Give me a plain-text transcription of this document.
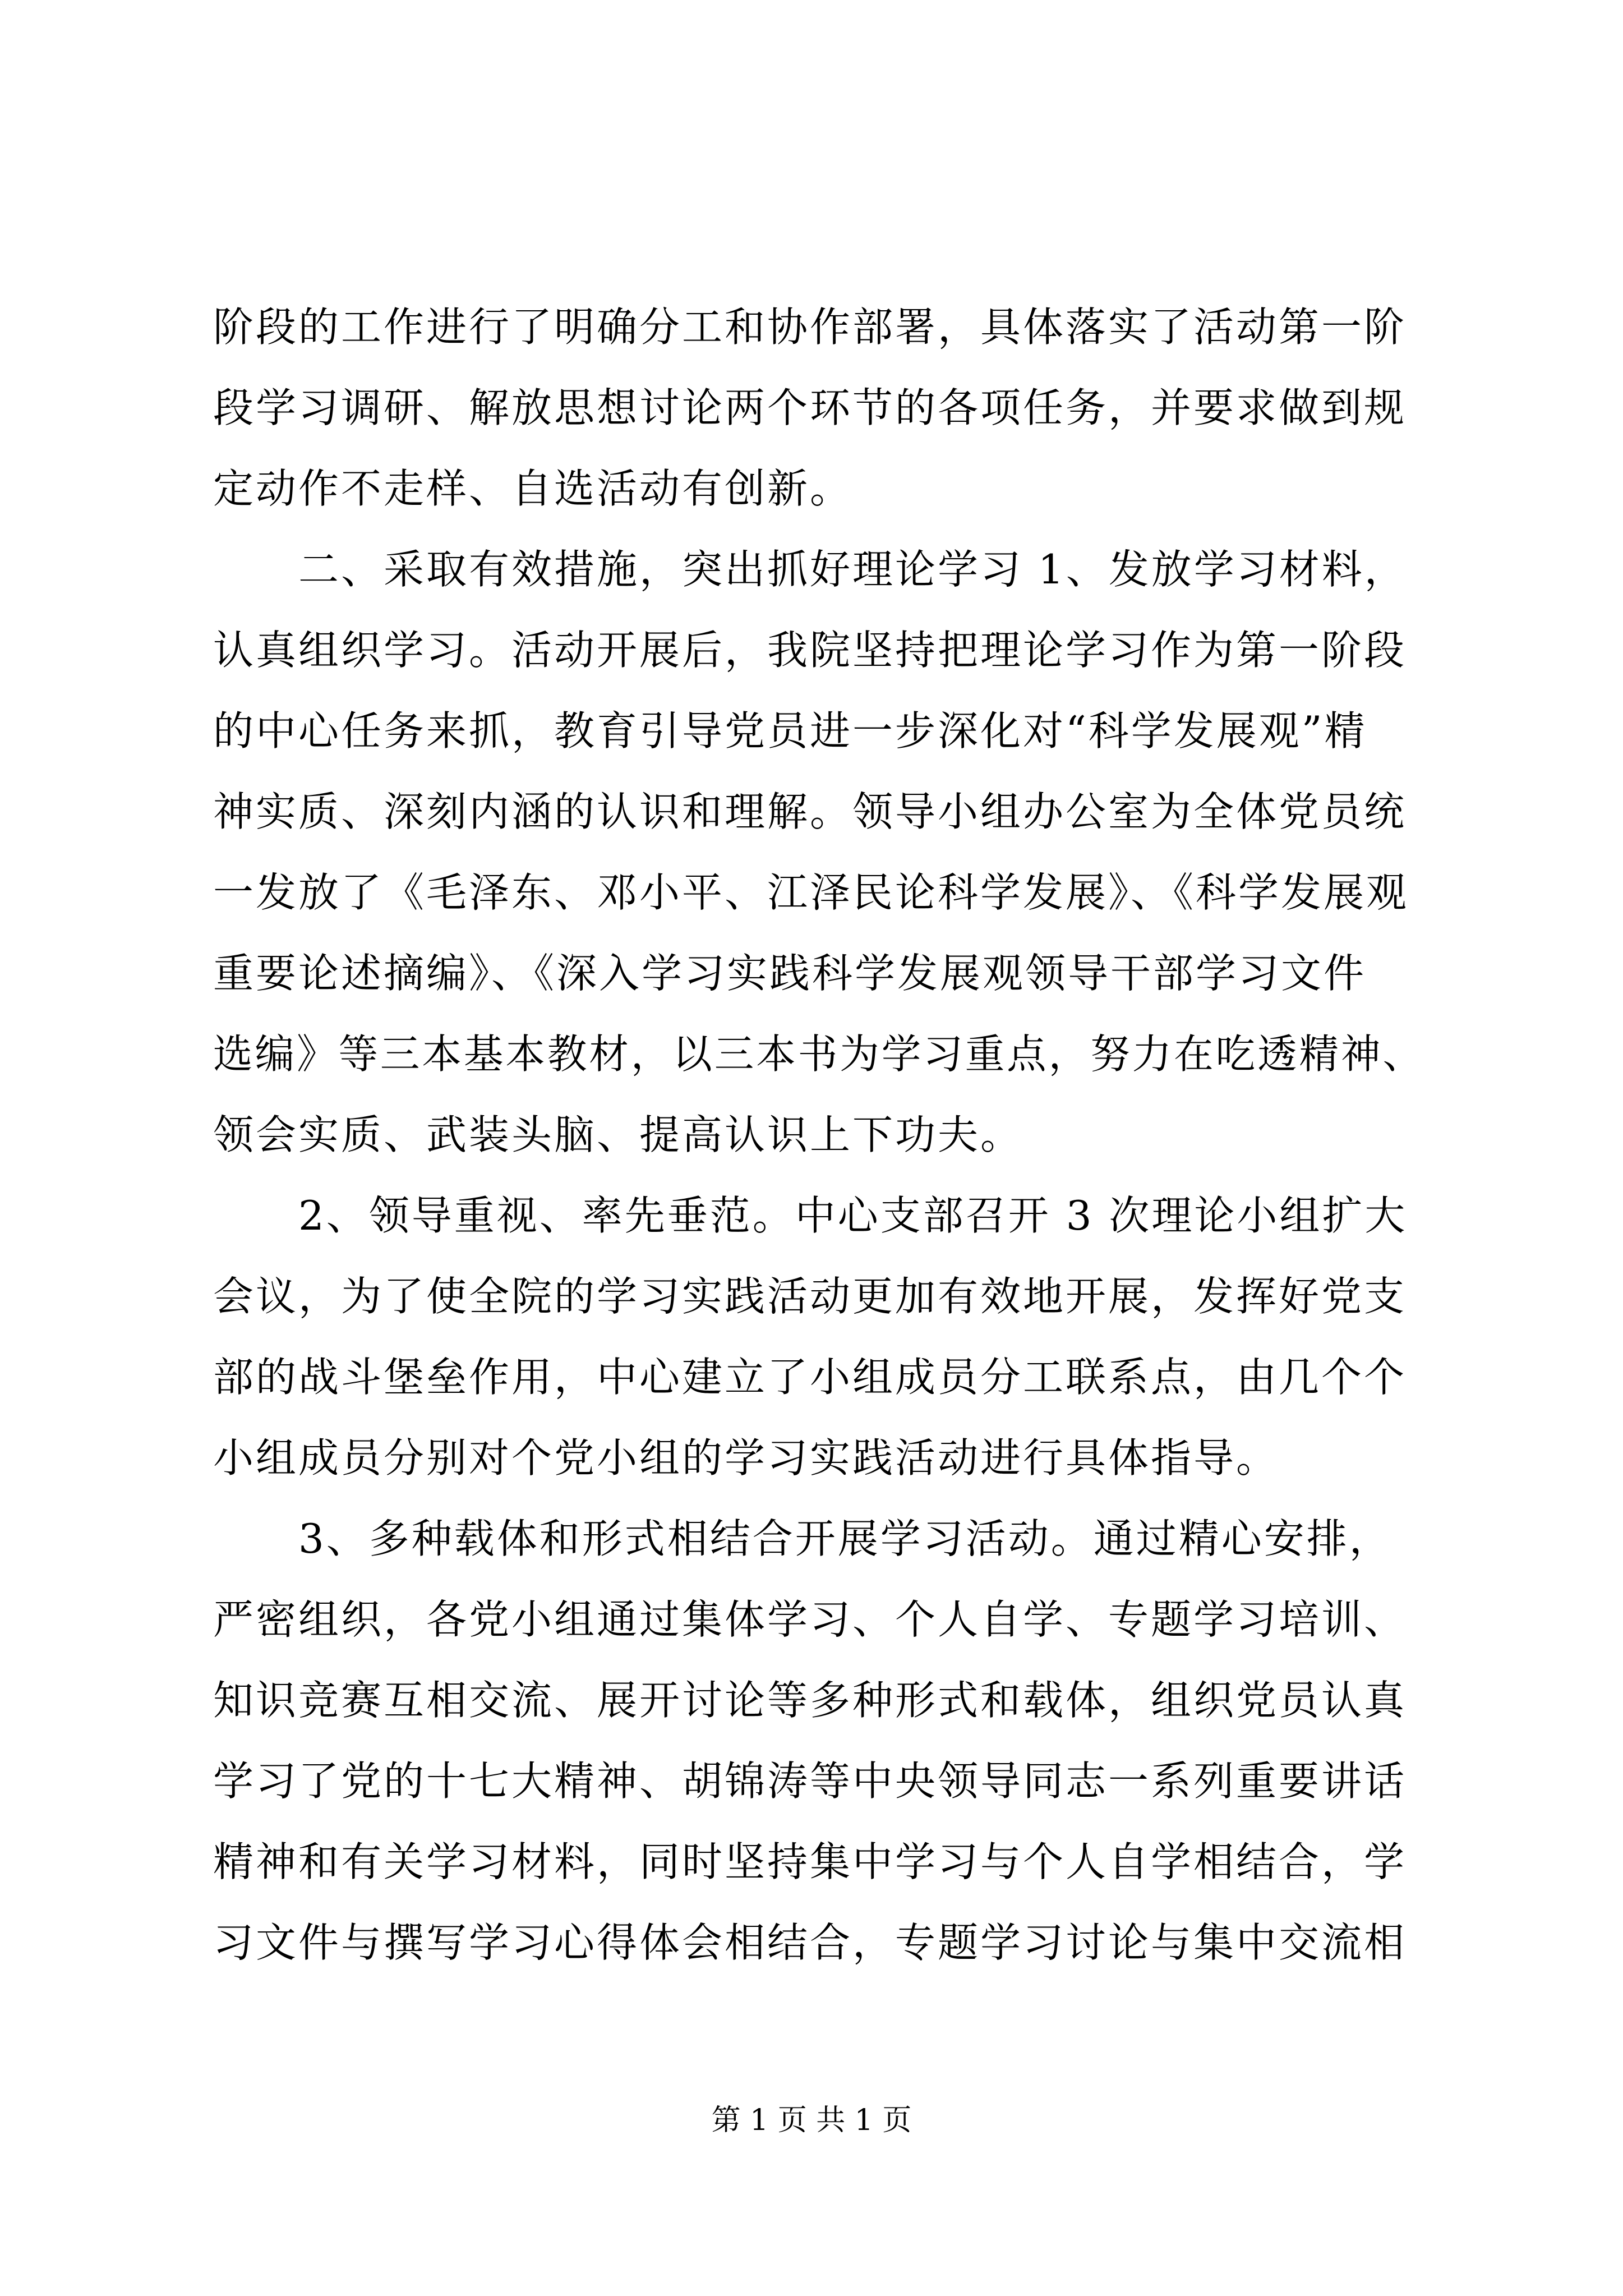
阶段的工作进行了明确分工和协作部署，具体落实了活动第一阶
段学习调研、解放思想讨论两个环节的各项任务，并要求做到规
定动作不走样、自选活动有创新。
　　二、采取有效措施，突出抓好理论学习 1、发放学习材料，
认真组织学习。活动开展后，我院坚持把理论学习作为第一阶段
的中心任务来抓，教育引导党员进一步深化对“科学发展观”精
神实质、深刻内涵的认识和理解。领导小组办公室为全体党员统
一发放了《毛泽东、邓小平、江泽民论科学发展》、《科学发展观
重要论述摘编》、《深入学习实践科学发展观领导干部学习文件
选编》等三本基本教材，以三本书为学习重点，努力在吃透精神、
领会实质、武装头脑、提高认识上下功夫。
　　2、领导重视、率先垂范。中心支部召开 3 次理论小组扩大
会议，为了使全院的学习实践活动更加有效地开展，发挥好党支
部的战斗堡垒作用，中心建立了小组成员分工联系点，由几个个
小组成员分别对个党小组的学习实践活动进行具体指导。
　　3、多种载体和形式相结合开展学习活动。通过精心安排，
严密组织，各党小组通过集体学习、个人自学、专题学习培训、
知识竞赛互相交流、展开讨论等多种形式和载体，组织党员认真
学习了党的十七大精神、胡锦涛等中央领导同志一系列重要讲话
精神和有关学习材料，同时坚持集中学习与个人自学相结合，学
习文件与撰写学习心得体会相结合，专题学习讨论与集中交流相
第 1 页 共 1 页
